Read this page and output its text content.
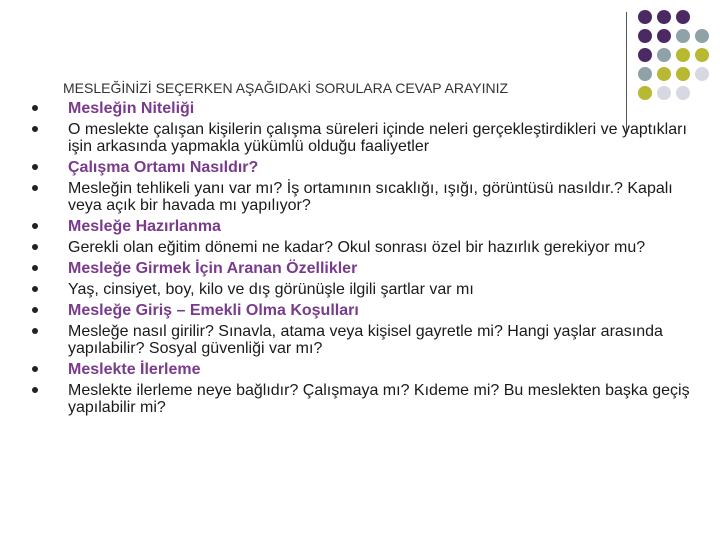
MESLEĞİNİZİ SEÇERKEN AŞAĞIDAKİ SORULARA CEVAP ARAYINIZ
Mesleğin Niteliği
O meslekte çalışan kişilerin çalışma süreleri içinde neleri gerçekleştirdikleri ve yaptıkları işin arkasında yapmakla yükümlü olduğu faaliyetler
Çalışma Ortamı Nasıldır?
Mesleğin tehlikeli yanı var mı? İş ortamının sıcaklığı, ışığı, görüntüsü nasıldır.? Kapalı veya açık bir havada mı yapılıyor?
Mesleğe Hazırlanma
Gerekli olan eğitim dönemi ne kadar? Okul sonrası özel bir hazırlık gerekiyor mu?
Mesleğe Girmek İçin Aranan Özellikler
Yaş, cinsiyet, boy, kilo ve dış görünüşle ilgili şartlar var mı
Mesleğe Giriş – Emekli Olma Koşulları
Mesleğe nasıl girilir? Sınavla, atama veya kişisel gayretle mi? Hangi yaşlar arasında yapılabilir? Sosyal güvenliği var mı?
Meslekte İlerleme
Meslekte ilerleme neye bağlıdır? Çalışmaya mı? Kıdeme mi? Bu meslekten başka geçiş yapılabilir mi?
